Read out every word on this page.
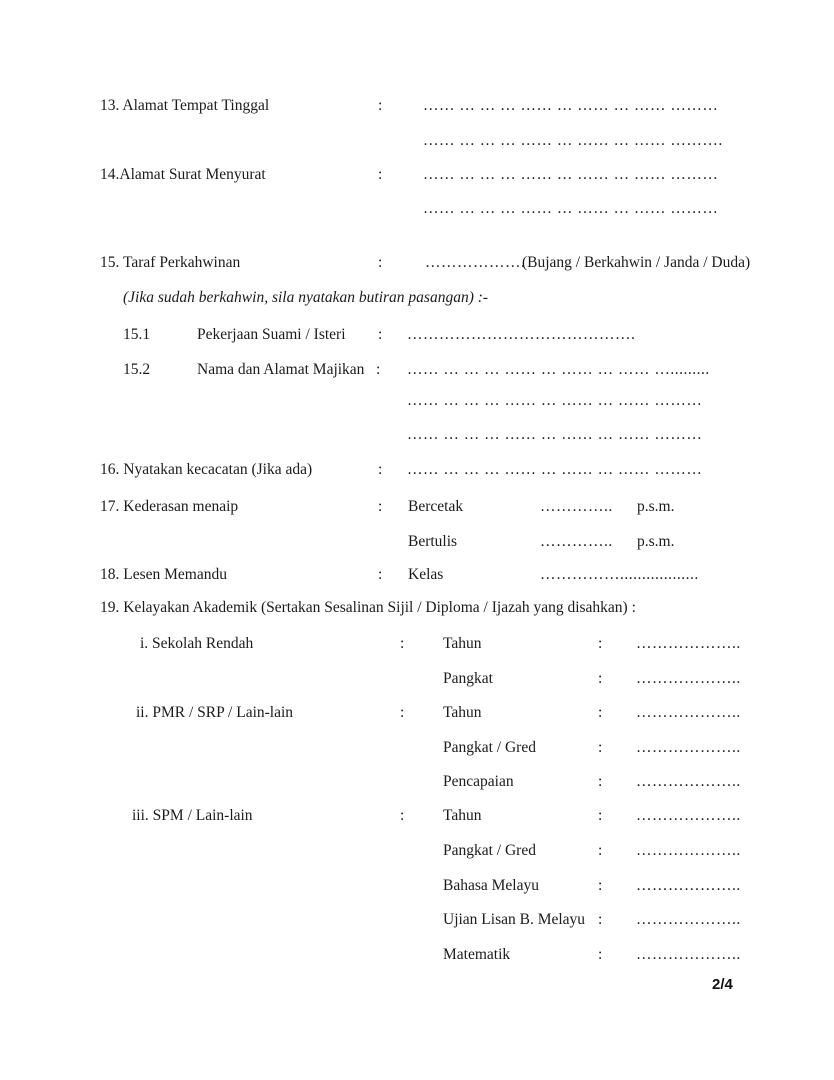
13. Alamat Tempat Tinggal	:	…… … … … …… … …… … …… ………
…… … … … …… … …… … …… ……….
14.Alamat Surat Menyurat	:	…… … … … …… … …… … …… ………
…… … … … …… … …… … …… ………
15. Taraf Perkahwinan	:	……………….
(Bujang / Berkahwin / Janda / Duda)
(Jika sudah berkahwin, sila nyatakan butiran pasangan) :-
15.1	Pekerjaan Suami / Isteri : …………………………………….
15.2	Nama dan Alamat Majikan : …… … … … …… … …… … …… ….........
…… … … … …… … …… … …… ………
…… … … … …… … …… … …… ………
16. Nyatakan kecacatan (Jika ada)	: …… … … … …… … …… … …… ………
17. Kederasan menaip	: Bercetak	………….. p.s.m.
Bertulis	………….. p.s.m.
18. Lesen Memandu	: Kelas	……………..................
19. Kelayakan Akademik (Sertakan Sesalinan Sijil / Diploma / Ijazah yang disahkan) :
i. Sekolah Rendah	: Tahun	: ………………..
Pangkat	: ………………..
ii. PMR / SRP / Lain-lain	: Tahun	: ………………..
Pangkat / Gred	: ………………..
Pencapaian	: ………………..
iii. SPM / Lain-lain	: Tahun	: ………………..
Pangkat / Gred	: ………………..
Bahasa Melayu	: ………………..
Ujian Lisan B. Melayu : ………………..
Matematik	: ………………..
2/4
